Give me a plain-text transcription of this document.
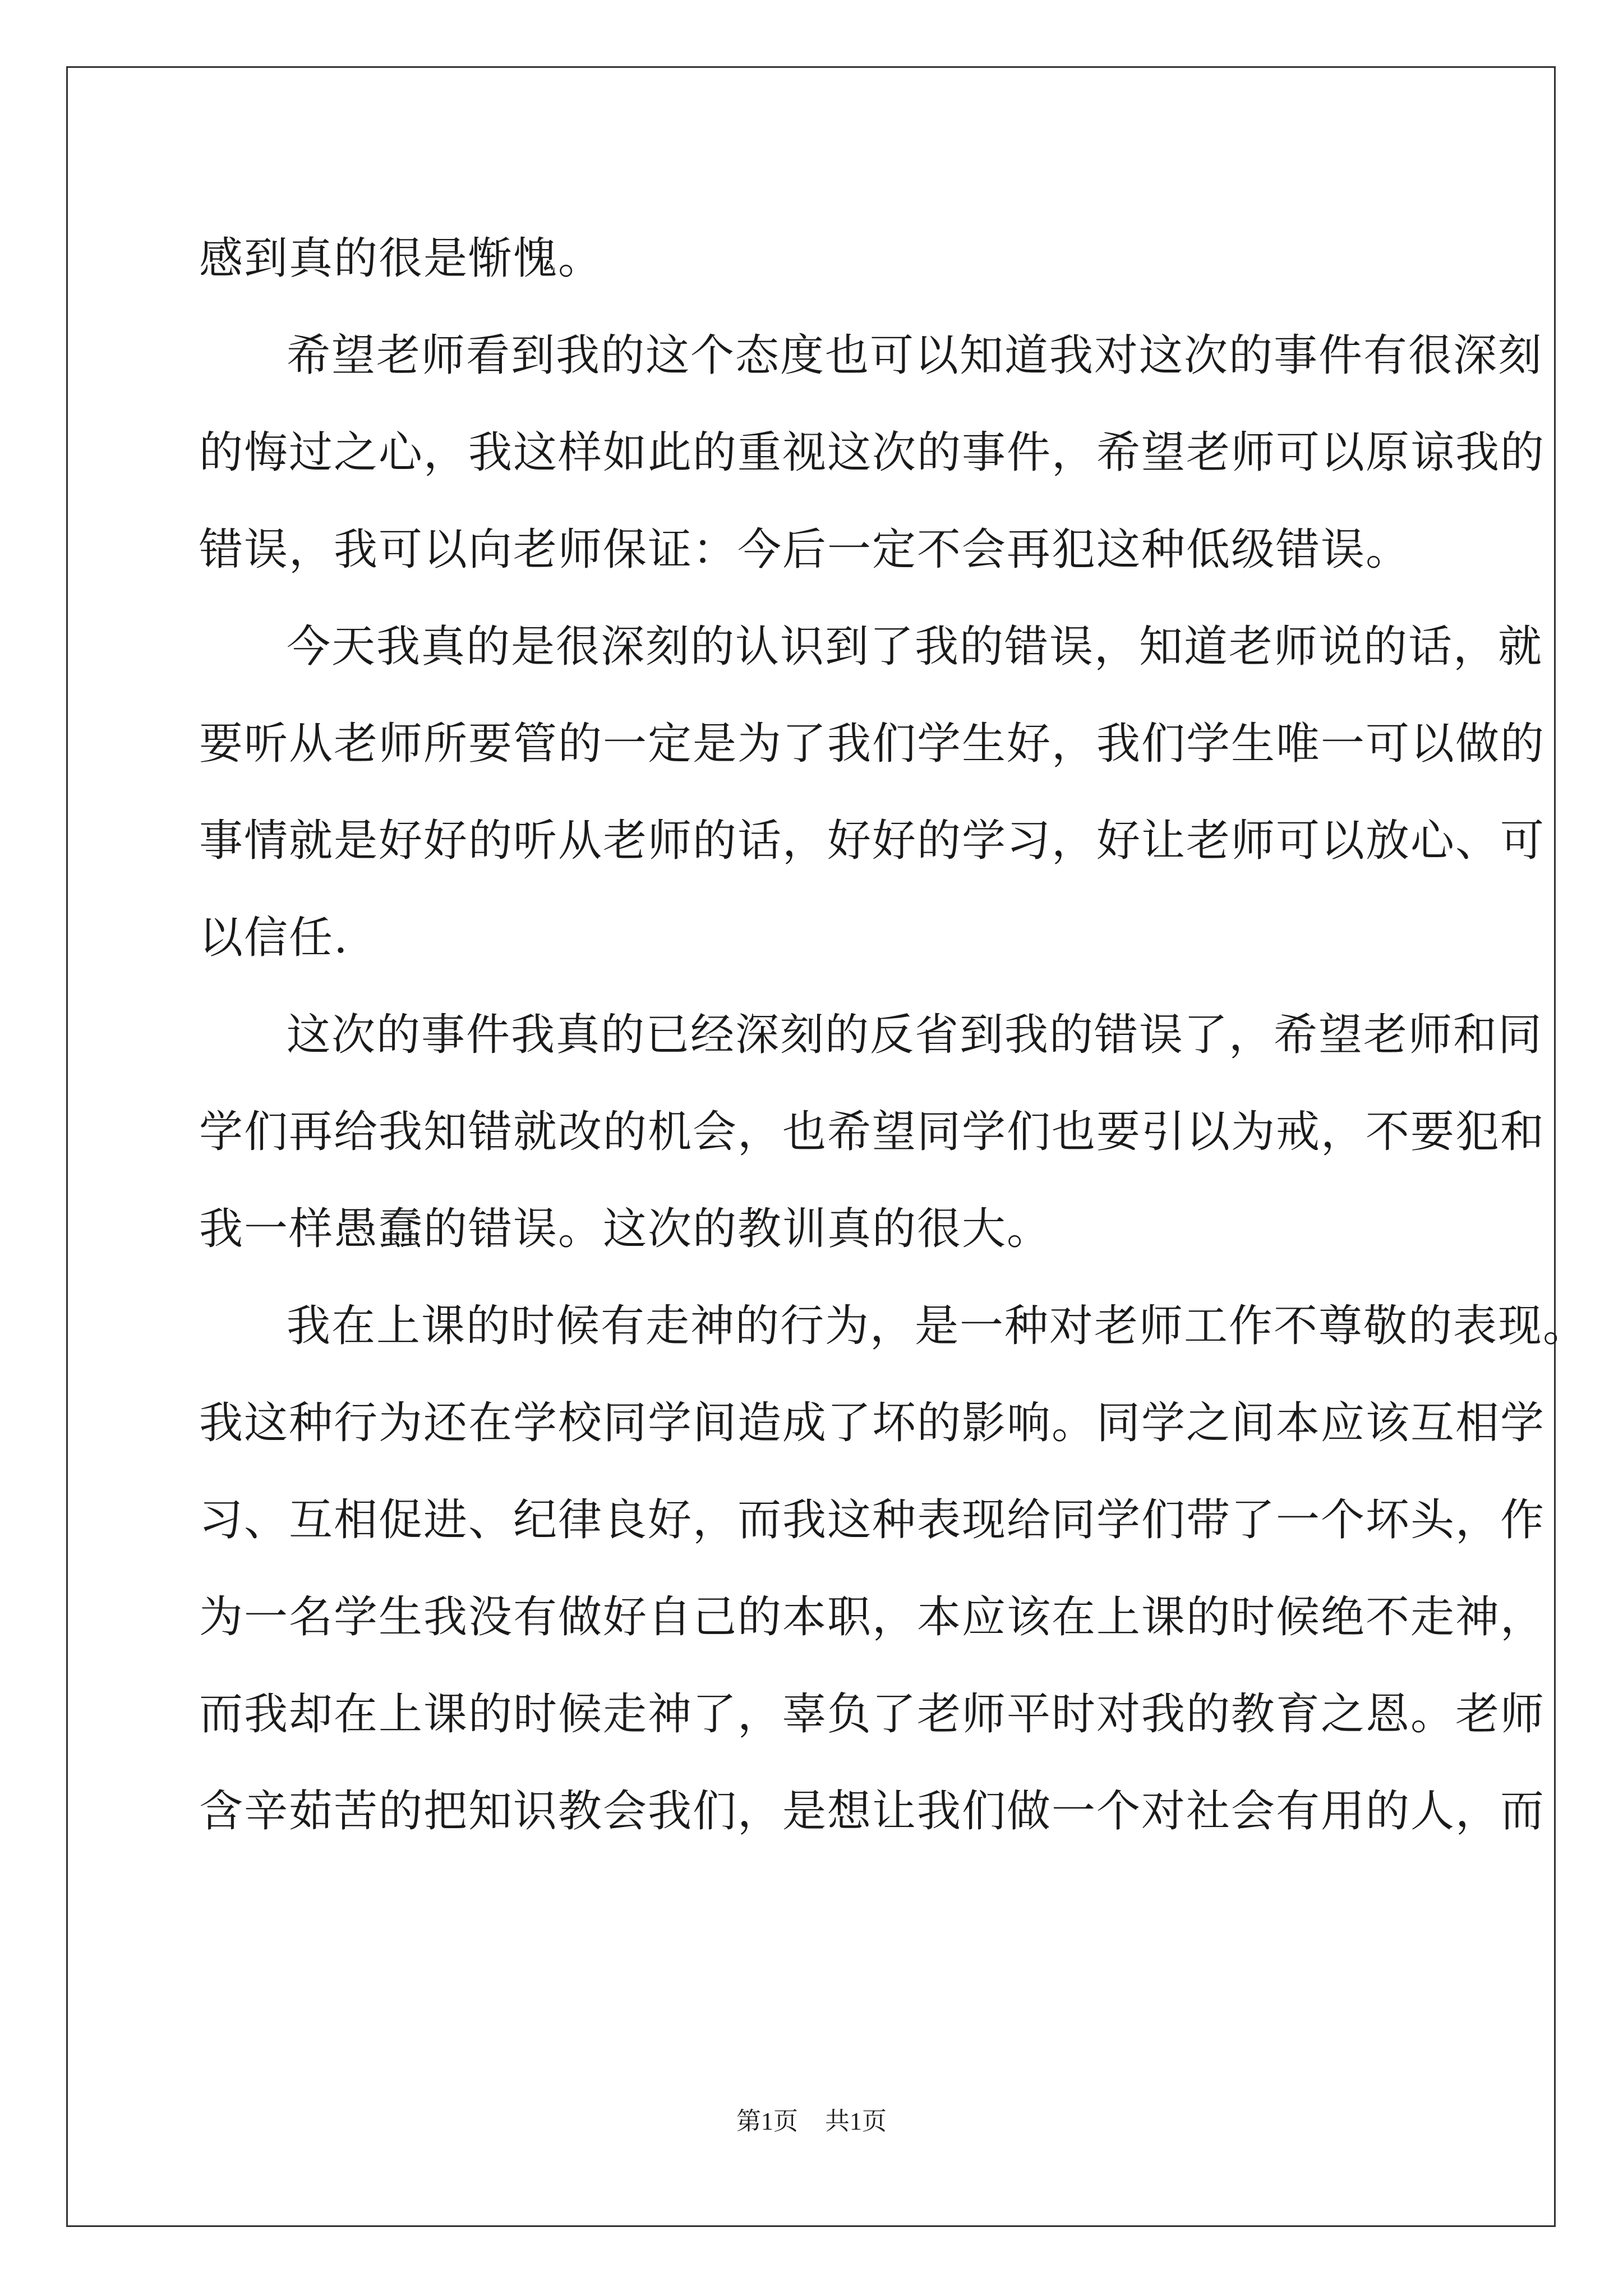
感到真的很是惭愧。
希望老师看到我的这个态度也可以知道我对这次的事件有很深刻
的悔过之心，我这样如此的重视这次的事件，希望老师可以原谅我的
错误，我可以向老师保证：今后一定不会再犯这种低级错误。
今天我真的是很深刻的认识到了我的错误，知道老师说的话，就
要听从老师所要管的一定是为了我们学生好，我们学生唯一可以做的
事情就是好好的听从老师的话，好好的学习，好让老师可以放心、可
以信任.
这次的事件我真的已经深刻的反省到我的错误了，希望老师和同
学们再给我知错就改的机会，也希望同学们也要引以为戒，不要犯和
我一样愚蠢的错误。这次的教训真的很大。
我在上课的时候有走神的行为，是一种对老师工作不尊敬的表现。
我这种行为还在学校同学间造成了坏的影响。同学之间本应该互相学
习、互相促进、纪律良好，而我这种表现给同学们带了一个坏头，作
为一名学生我没有做好自己的本职，本应该在上课的时候绝不走神，
而我却在上课的时候走神了，辜负了老师平时对我的教育之恩。老师
含辛茹苦的把知识教会我们，是想让我们做一个对社会有用的人，而
第1页 共1页
